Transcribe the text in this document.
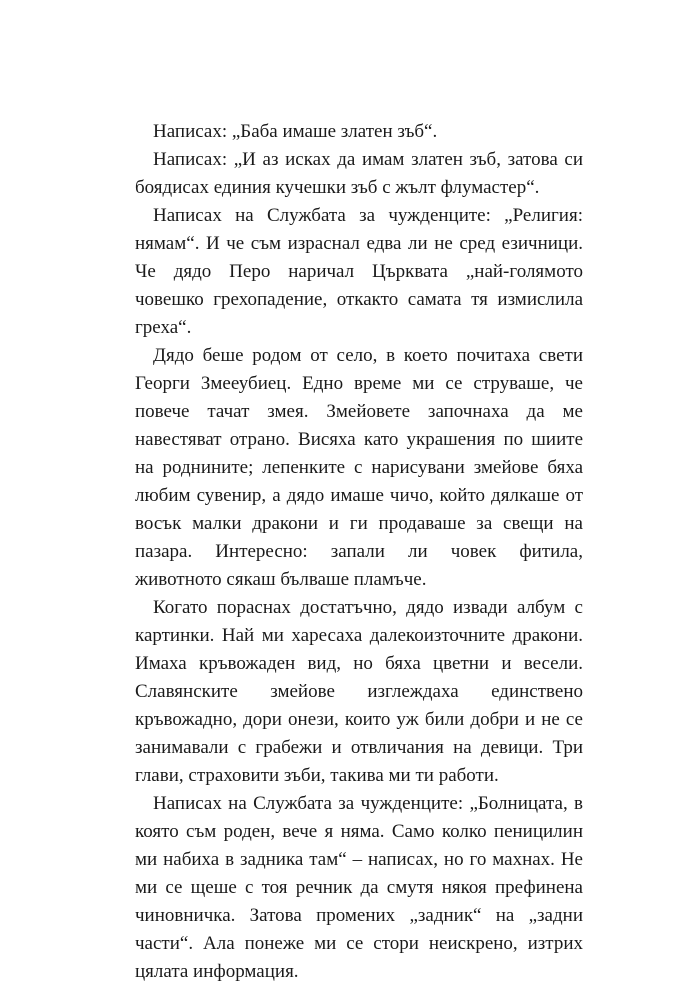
Написах: „Баба имаше златен зъб“.
Написах: „И аз исках да имам златен зъб, затова си
боядисах единия кучешки зъб с жълт флумастер“.
Написах на Службата за чужденците: „Религия:
нямам“. И че съм израснал едва ли не сред езичници.
Че дядо Перо наричал Църквата „най-голямото
човешко грехопадение, откакто самата тя измислила
греха“.
Дядо беше родом от село, в което почитаха свети
Георги Змееубиец. Едно време ми се струваше, че
повече тачат змея. Змейовете започнаха да ме
навестяват отрано. Висяха като украшения по шиите
на роднините; лепенките с нарисувани змейове бяха
любим сувенир, а дядо имаше чичо, който дялкаше от
восък малки дракони и ги продаваше за свещи на
пазара. Интересно: запали ли човек фитила,
животното сякаш бълваше пламъче.
Когато пораснах достатъчно, дядо извади албум с
картинки. Най ми харесаха далекоизточните дракони.
Имаха кръвожаден вид, но бяха цветни и весели.
Славянските змейове изглеждаха единствено
кръвожадно, дори онези, които уж били добри и не се
занимавали с грабежи и отвличания на девици. Три
глави, страховити зъби, такива ми ти работи.
Написах на Службата за чужденците: „Болницата, в
която съм роден, вече я няма. Само колко пеницилин
ми набиха в задника там“ – написах, но го махнах. Не
ми се щеше с тоя речник да смутя някоя префинена
чиновничка. Затова промених „задник“ на „задни
части“. Ала понеже ми се стори неискрено, изтрих
цялата информация.
